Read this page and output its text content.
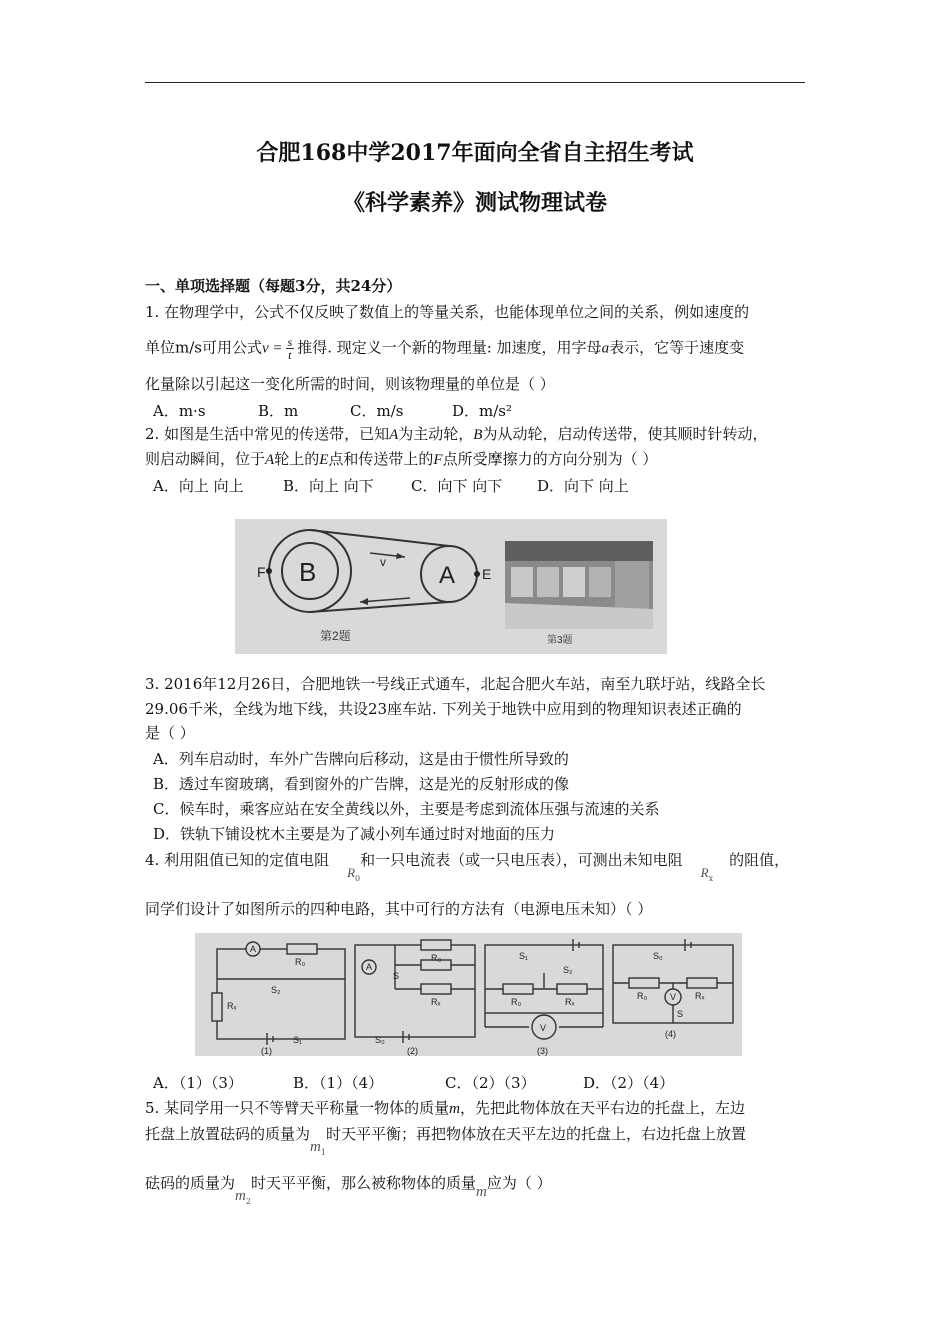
合肥168中学2017年面向全省自主招生考试
《科学素养》测试物理试卷
一、单项选择题（每题3分，共24分）
1. 在物理学中，公式不仅反映了数值上的等量关系，也能体现单位之间的关系，例如速度的
单位m/s可用公式$v = \frac{s}{t}$ 推得. 现定义一个新的物理量: 加速度，用字母a表示，它等于速度变
化量除以引起这一变化所需的时间，则该物理量的单位是（ ）
A．m·s	B．m	C．m/s	D．m/s²
2. 如图是生活中常见的传送带，已知A为主动轮，B为从动轮，启动传送带，使其顺时针转动，
则启动瞬间，位于A轮上的E点和传送带上的F点所受摩擦力的方向分别为（ ）
A．向上 向上	B．向上 向下 C．向下 向下 D．向下 向上
F B	v A E
第2题	第3题
3. 2016年12月26日，合肥地铁一号线正式通车，北起合肥火车站，南至九联圩站，线路全长
29.06千米，全线为地下线，共设23座车站. 下列关于地铁中应用到的物理知识表述正确的
是（ ）
A．列车启动时，车外广告牌向后移动，这是由于惯性所导致的
B．透过车窗玻璃，看到窗外的广告牌，这是光的反射形成的像
C．候车时，乘客应站在安全黄线以外，主要是考虑到流体压强与流速的关系
D．铁轨下铺设枕木主要是为了减小列车通过时对地面的压力
4. 利用阻值已知的定值电阻$R_0$和一只电流表（或一只电压表），可测出未知电阻$R_x$的阻值，
同学们设计了如图所示的四种电路，其中可行的方法有（电源电压未知）（ ）
A
R₀
S₂
Rₓ
S₁
(1)
A
S
R₀
Rₓ
S₀
(2)
S₁
S₂
R₀	Rₓ
V
(3)
S₀
R₀	V Rₓ
S
(4)
A．（1）（3）	B．（1）（4）	C．（2）（3）	D．（2）（4）
5. 某同学用一只不等臂天平称量一物体的质量m，先把此物体放在天平右边的托盘上，左边
托盘上放置砝码的质量为$m_1$时天平平衡；再把物体放在天平左边的托盘上，右边托盘上放置
砝码的质量为$m_2$时天平平衡，那么被称物体的质量m应为（ ）
